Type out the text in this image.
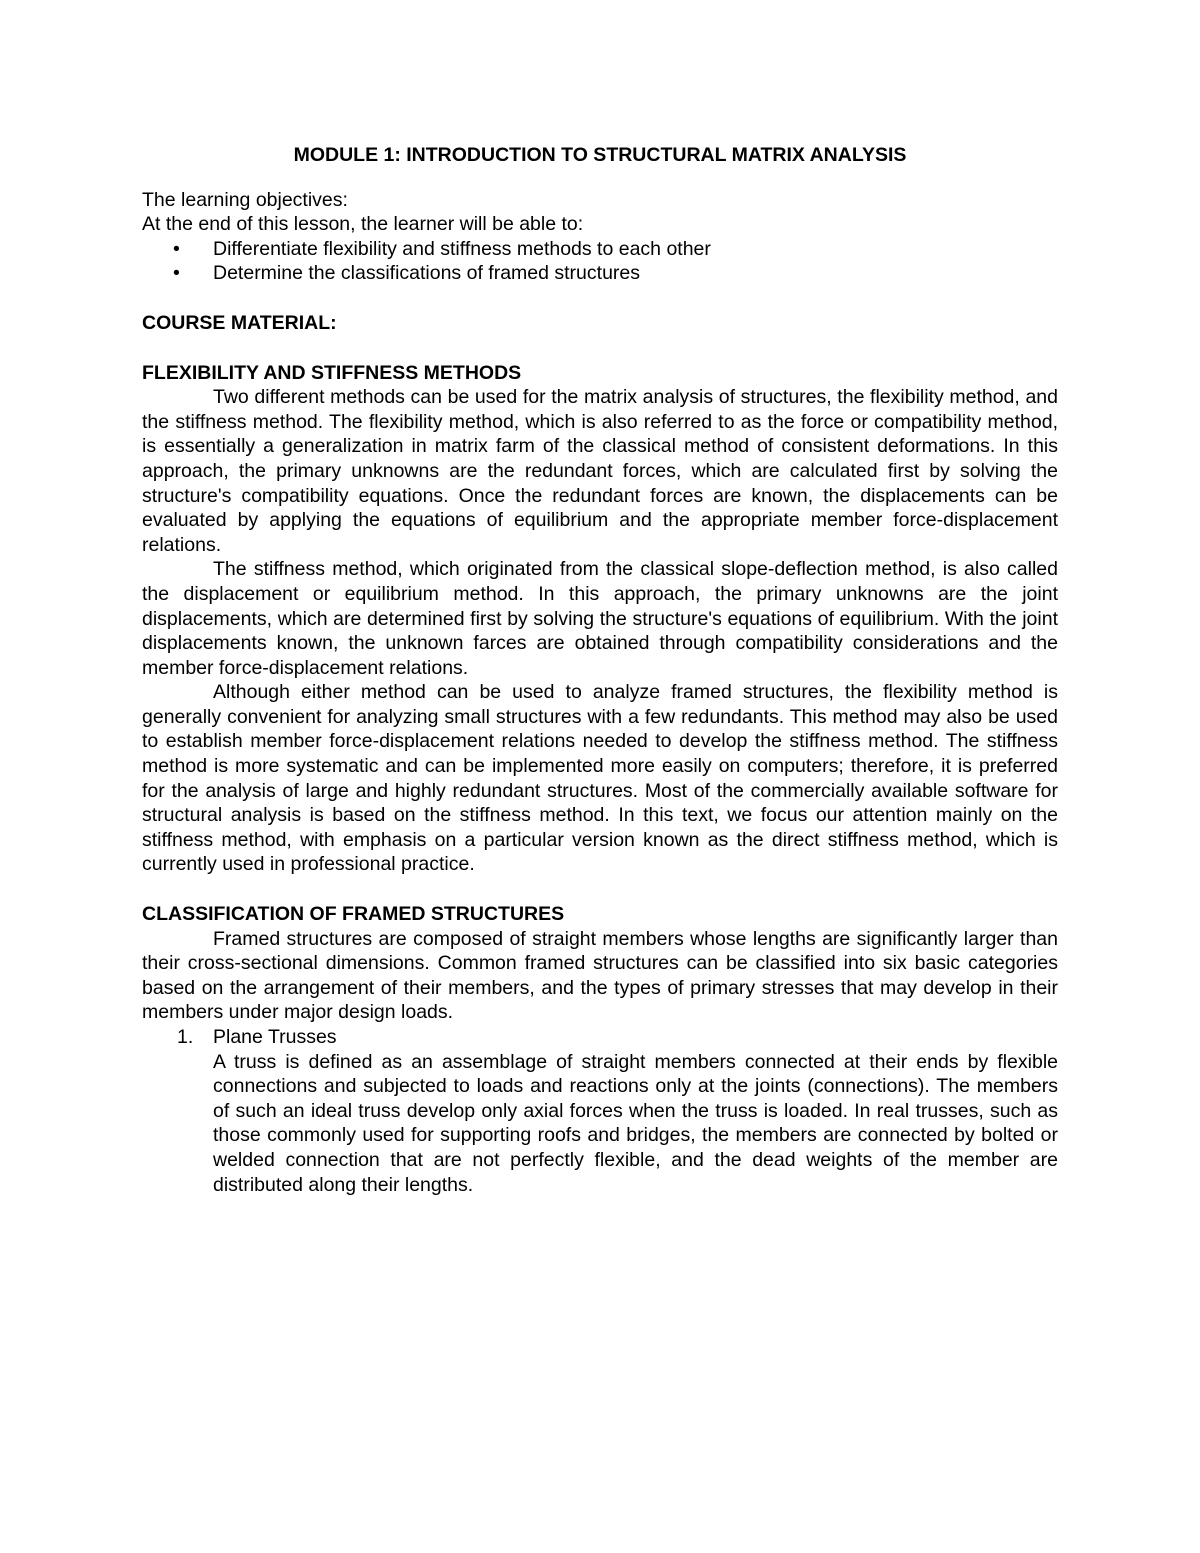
MODULE 1: INTRODUCTION TO STRUCTURAL MATRIX ANALYSIS

The learning objectives:

At the end of this lesson, the learner will be able to:

• Differentiate flexibility and stiffness methods to each other
• Determine the classifications of framed structures

COURSE MATERIAL:

FLEXIBILITY AND STIFFNESS METHODS

Two different methods can be used for the matrix analysis of structures, the flexibility method, and the stiffness method. The flexibility method, which is also referred to as the force or compatibility method, is essentially a generalization in matrix farm of the classical method of consistent deformations. In this approach, the primary unknowns are the redundant forces, which are calculated first by solving the structure's compatibility equations. Once the redundant forces are known, the displacements can be evaluated by applying the equations of equilibrium and the appropriate member force-displacement relations.

The stiffness method, which originated from the classical slope-deflection method, is also called the displacement or equilibrium method. In this approach, the primary unknowns are the joint displacements, which are determined first by solving the structure's equations of equilibrium. With the joint displacements known, the unknown farces are obtained through compatibility considerations and the member force-displacement relations.

Although either method can be used to analyze framed structures, the flexibility method is generally convenient for analyzing small structures with a few redundants. This method may also be used to establish member force-displacement relations needed to develop the stiffness method. The stiffness method is more systematic and can be implemented more easily on computers; therefore, it is preferred for the analysis of large and highly redundant structures. Most of the commercially available software for structural analysis is based on the stiffness method. In this text, we focus our attention mainly on the stiffness method, with emphasis on a particular version known as the direct stiffness method, which is currently used in professional practice.

CLASSIFICATION OF FRAMED STRUCTURES

Framed structures are composed of straight members whose lengths are significantly larger than their cross-sectional dimensions. Common framed structures can be classified into six basic categories based on the arrangement of their members, and the types of primary stresses that may develop in their members under major design loads.

1. Plane Trusses
A truss is defined as an assemblage of straight members connected at their ends by flexible connections and subjected to loads and reactions only at the joints (connections). The members of such an ideal truss develop only axial forces when the truss is loaded. In real trusses, such as those commonly used for supporting roofs and bridges, the members are connected by bolted or welded connection that are not perfectly flexible, and the dead weights of the member are distributed along their lengths.
